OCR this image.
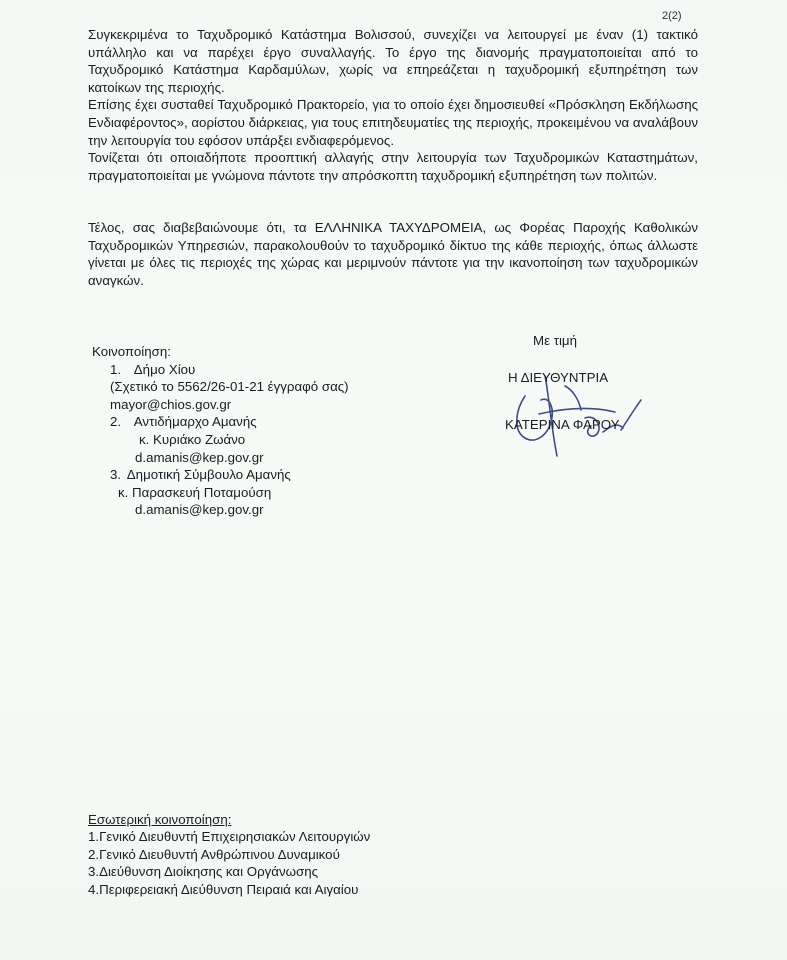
2(2)

Συγκεκριμένα το Ταχυδρομικό Κατάστημα Βολισσού, συνεχίζει να λειτουργεί με έναν (1) τακτικό υπάλληλο και να παρέχει έργο συναλλαγής. Το έργο της διανομής πραγματοποιείται από το Ταχυδρομικό Κατάστημα Καρδαμύλων, χωρίς να επηρεάζεται η ταχυδρομική εξυπηρέτηση των κατοίκων της περιοχής.

Επίσης έχει συσταθεί Ταχυδρομικό Πρακτορείο, για το οποίο έχει δημοσιευθεί «Πρόσκληση Εκδήλωσης Ενδιαφέροντος», αορίστου διάρκειας, για τους επιτηδευματίες της περιοχής, προκειμένου να αναλάβουν την λειτουργία του εφόσον υπάρξει ενδιαφερόμενος.

Τονίζεται ότι οποιαδήποτε προοπτική αλλαγής στην λειτουργία των Ταχυδρομικών Καταστημάτων, πραγματοποιείται με γνώμονα πάντοτε την απρόσκοπτη ταχυδρομική εξυπηρέτηση των πολιτών.

Τέλος, σας διαβεβαιώνουμε ότι, τα ΕΛΛΗΝΙΚΑ ΤΑΧΥΔΡΟΜΕΙΑ, ως Φορέας Παροχής Καθολικών Ταχυδρομικών Υπηρεσιών, παρακολουθούν το ταχυδρομικό δίκτυο της κάθε περιοχής, όπως άλλωστε γίνεται με όλες τις περιοχές της χώρας και μεριμνούν πάντοτε για την ικανοποίηση των ταχυδρομικών αναγκών.

Με τιμή
Η ΔΙΕΥΘΥΝΤΡΙΑ
ΚΑΤΕΡΙΝΑ ΦΑΡΟΥ
Κοινοποίηση:
1. Δήμο Χίου
(Σχετικό το 5562/26-01-21 έγγραφό σας)
mayor@chios.gov.gr
2. Αντιδήμαρχο Αμανής
κ. Κυριάκο Ζωάνο
d.amanis@kep.gov.gr
3. Δημοτική Σύμβουλο Αμανής
κ. Παρασκευή Ποταμούση
d.amanis@kep.gov.gr
Εσωτερική κοινοποίηση:
1.Γενικό Διευθυντή Επιχειρησιακών Λειτουργιών
2.Γενικό Διευθυντή Ανθρώπινου Δυναμικού
3.Διεύθυνση Διοίκησης και Οργάνωσης
4.Περιφερειακή Διεύθυνση Πειραιά και Αιγαίου
